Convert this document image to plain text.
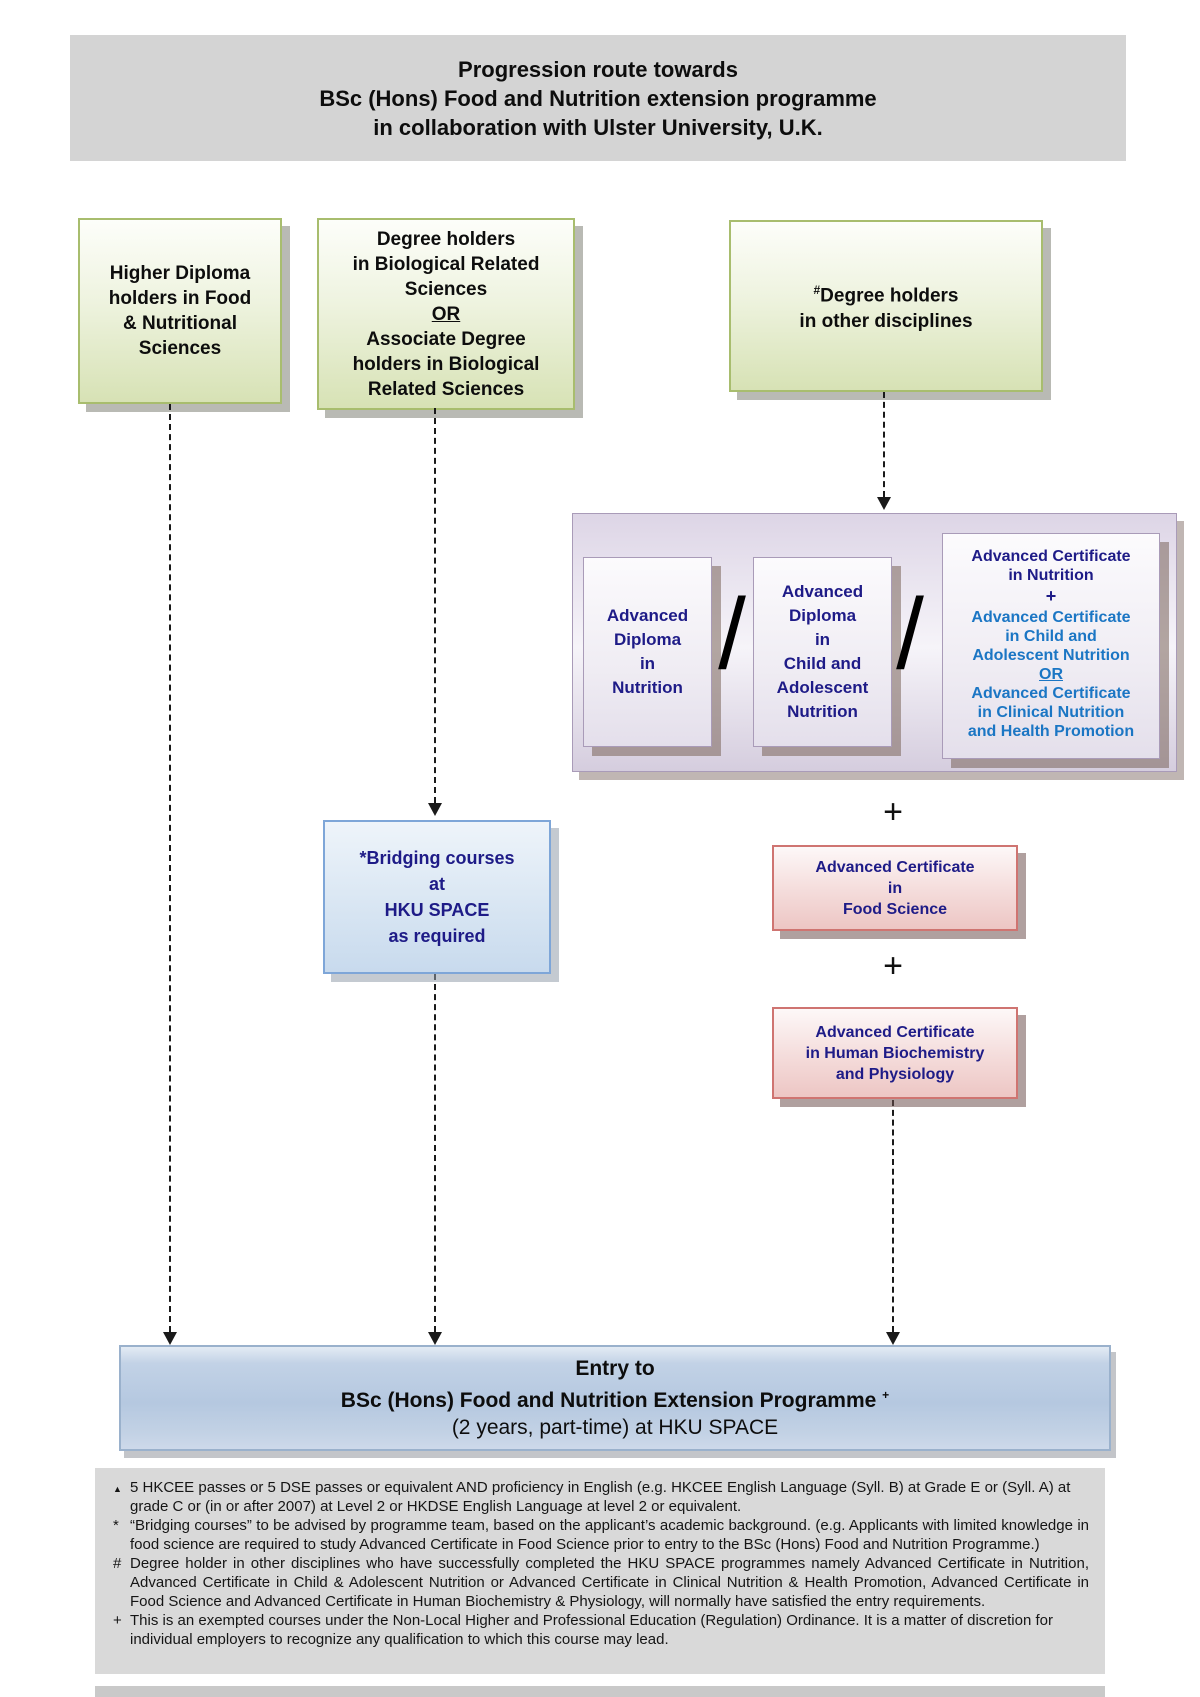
Progression route towards
BSc (Hons) Food and Nutrition extension programme
in collaboration with Ulster University, U.K.
Higher Diploma
holders in Food
& Nutritional
Sciences
Degree holders
in Biological Related
Sciences
OR
Associate Degree
holders in Biological
Related Sciences
#Degree holders
in other disciplines
Advanced
Diploma
in
Nutrition /	Advanced
Diploma
in
Child and
Adolescent
Nutrition
/
Advanced Certificate
in Nutrition
+
Advanced Certificate
in Child and
Adolescent Nutrition
OR
Advanced Certificate
in Clinical Nutrition
and Health Promotion
*Bridging courses
at
HKU SPACE
as required
+
Advanced Certificate
in
Food Science
+
Advanced Certificate
in Human Biochemistry
and Physiology
Entry to
BSc (Hons) Food and Nutrition Extension Programme +
(2 years, part-time) at HKU SPACE
▲ 5 HKCEE passes or 5 DSE passes or equivalent AND proficiency in English (e.g. HKCEE English Language (Syll. B) at Grade E or (Syll. A) at grade C or (in or after 2007) at Level 2 or HKDSE English Language at level 2 or equivalent.
* “Bridging courses” to be advised by programme team, based on the applicant’s academic background. (e.g. Applicants with limited knowledge in food science are required to study Advanced Certificate in Food Science prior to entry to the BSc (Hons) Food and Nutrition Programme.)
# Degree holder in other disciplines who have successfully completed the HKU SPACE programmes namely Advanced Certificate in Nutrition, Advanced Certificate in Child & Adolescent Nutrition or Advanced Certificate in Clinical Nutrition & Health Promotion, Advanced Certificate in Food Science and Advanced Certificate in Human Biochemistry & Physiology, will normally have satisfied the entry requirements.
+ This is an exempted courses under the Non-Local Higher and Professional Education (Regulation) Ordinance. It is a matter of discretion for individual employers to recognize any qualification to which this course may lead.
